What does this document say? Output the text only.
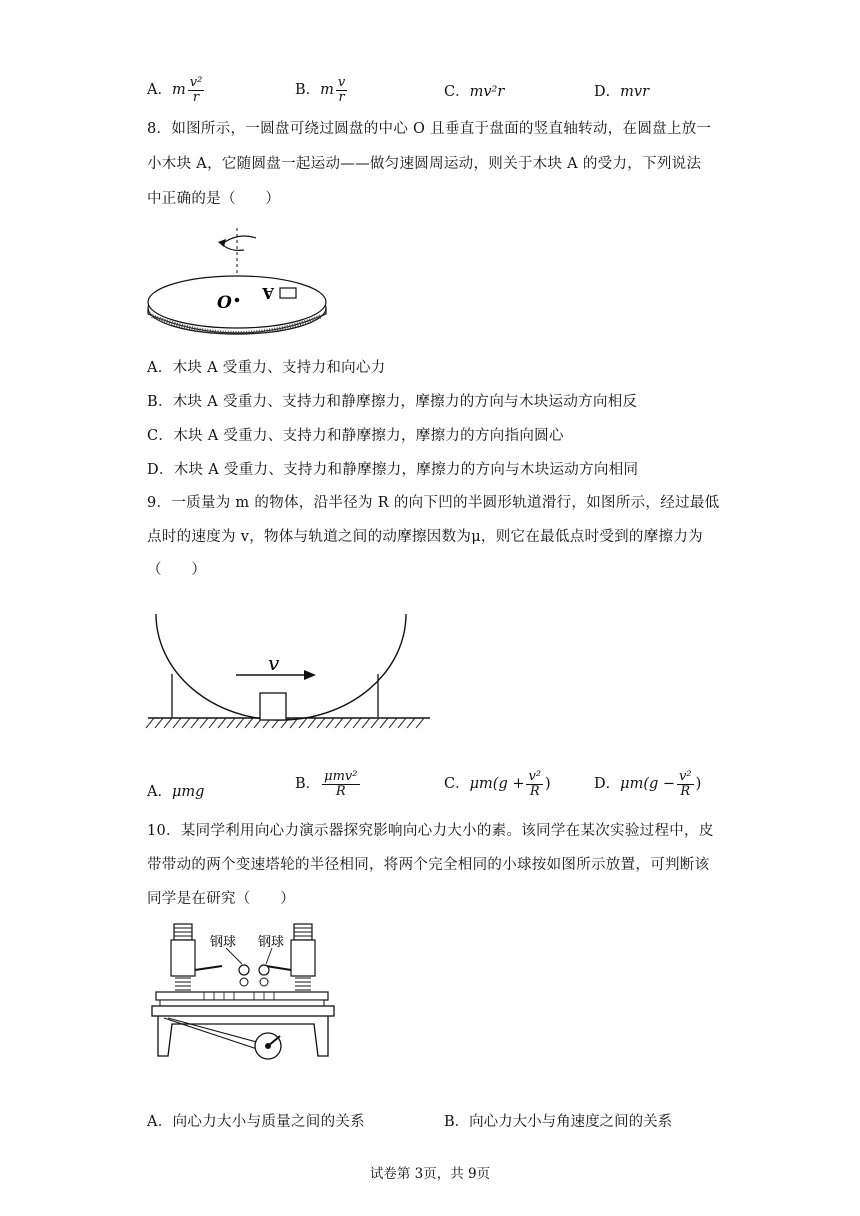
A．m $\frac{\text{v²}}{r}$	B．m $\frac{v}{r}$	C．mv²r	D．mvr
8．如图所示，一圆盘可绕过圆盘的中心 O 且垂直于盘面的竖直轴转动，在圆盘上放一
小木块 A，它随圆盘一起运动——做匀速圆周运动，则关于木块 A 的受力，下列说法
中正确的是（　　）
O A
A．木块 A 受重力、支持力和向心力
B．木块 A 受重力、支持力和静摩擦力，摩擦力的方向与木块运动方向相反
C．木块 A 受重力、支持力和静摩擦力，摩擦力的方向指向圆心
D．木块 A 受重力、支持力和静摩擦力，摩擦力的方向与木块运动方向相同
9．一质量为 m 的物体，沿半径为 R 的向下凹的半圆形轨道滑行，如图所示，经过最低
点时的速度为 v，物体与轨道之间的动摩擦因数为μ，则它在最低点时受到的摩擦力为
（　　）
v
A．μmg	B． $\frac{\text{μmv²}}{R}$	C．$\mu m(g + \frac{\text{v²}}{R}$ )	D．$\mu m(g - \frac{\text{v²}}{R}$ )
10．某同学利用向心力演示器探究影响向心力大小的素。该同学在某次实验过程中，皮
带带动的两个变速塔轮的半径相同，将两个完全相同的小球按如图所示放置，可判断该
同学是在研究（　　）
钢球 钢球
A．向心力大小与质量之间的关系	B．向心力大小与角速度之间的关系
试卷第 3页，共 9页
